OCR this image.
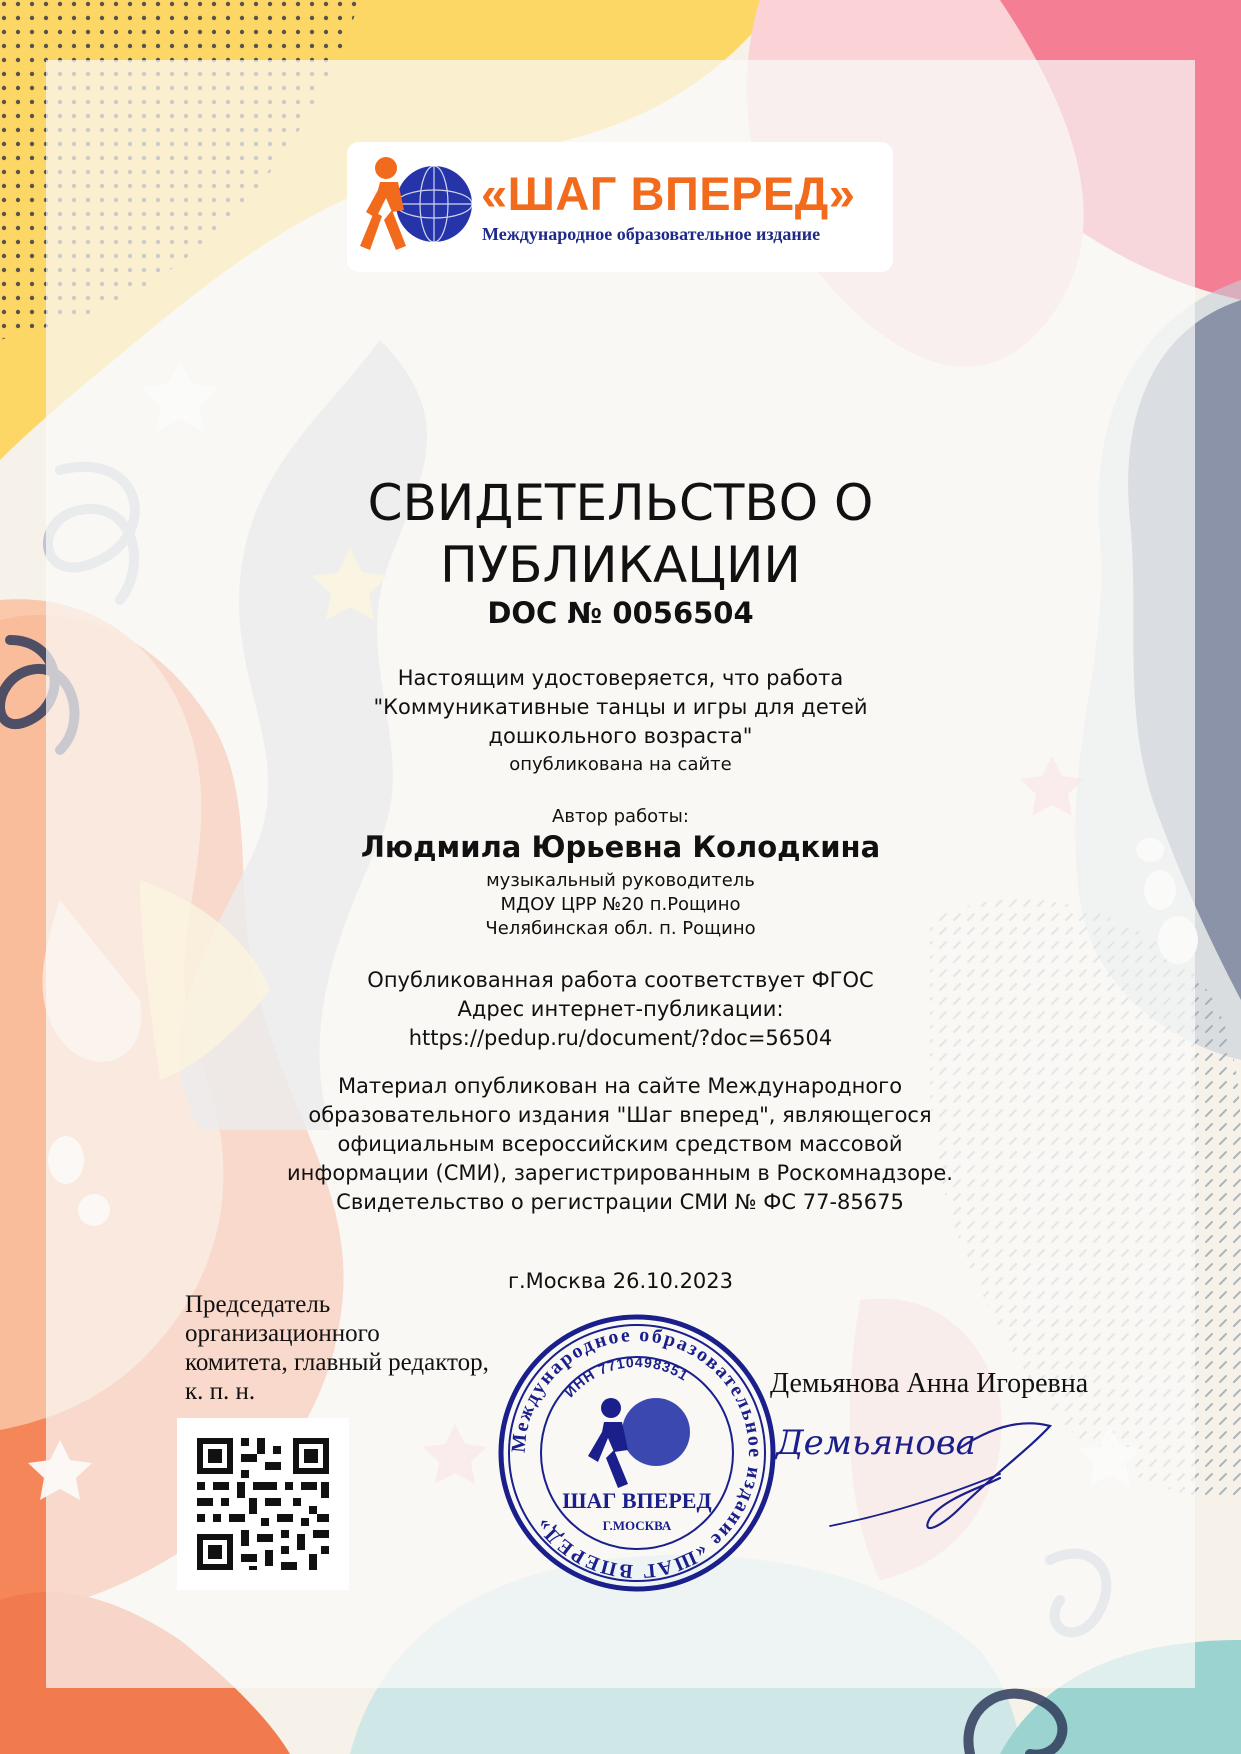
«ШАГ ВПЕРЕД»
Международное образовательное издание
СВИДЕТЕЛЬСТВО О ПУБЛИКАЦИИ
DOC № 0056504
Настоящим удостоверяется, что работа
"Коммуникативные танцы и игры для детей
дошкольного возраста"
опубликована на сайте
Автор работы:
Людмила Юрьевна Колодкина
музыкальный руководитель
МДОУ ЦРР №20 п.Рощино
Челябинская обл. п. Рощино
Опубликованная работа соответствует ФГОС
Адрес интернет-публикации:
https://pedup.ru/document/?doc=56504
Материал опубликован на сайте Международного образовательного издания "Шаг вперед", являющегося официальным всероссийским средством массовой информации (СМИ), зарегистрированным в Роскомнадзоре. Свидетельство о регистрации СМИ № ФС 77-85675
г.Москва 26.10.2023
Председатель
организационного
комитета, главный редактор,
к. п. н.
Международное образовательное издание «ШАГ ВПЕРЕД»
ИНН 7710498351
ШАГ ВПЕРЕД
Г.МОСКВА
Демьянова Анна Игоревна
Демьянова
